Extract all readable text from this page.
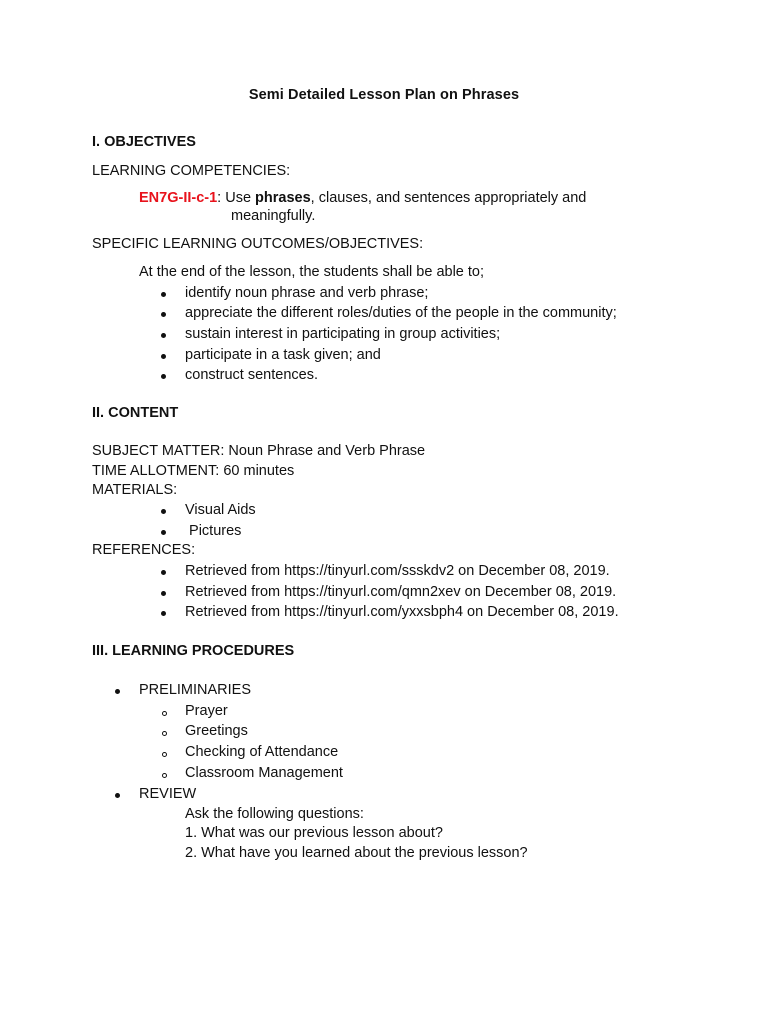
Semi Detailed Lesson Plan on Phrases
I. OBJECTIVES
LEARNING COMPETENCIES:
EN7G-II-c-1: Use phrases, clauses, and sentences appropriately and
meaningfully.
SPECIFIC LEARNING OUTCOMES/OBJECTIVES:
At the end of the lesson, the students shall be able to;
identify noun phrase and verb phrase;
appreciate the different roles/duties of the people in the community;
sustain interest in participating in group activities;
participate in a task given; and
construct sentences.
II. CONTENT
SUBJECT MATTER: Noun Phrase and Verb Phrase
TIME ALLOTMENT: 60 minutes
MATERIALS:
Visual Aids
Pictures
REFERENCES:
Retrieved from https://tinyurl.com/ssskdv2 on December 08, 2019.
Retrieved from https://tinyurl.com/qmn2xev on December 08, 2019.
Retrieved from https://tinyurl.com/yxxsbph4 on December 08, 2019.
III. LEARNING PROCEDURES
PRELIMINARIES
Prayer
Greetings
Checking of Attendance
Classroom Management
REVIEW
Ask the following questions:
1. What was our previous lesson about?
2. What have you learned about the previous lesson?
